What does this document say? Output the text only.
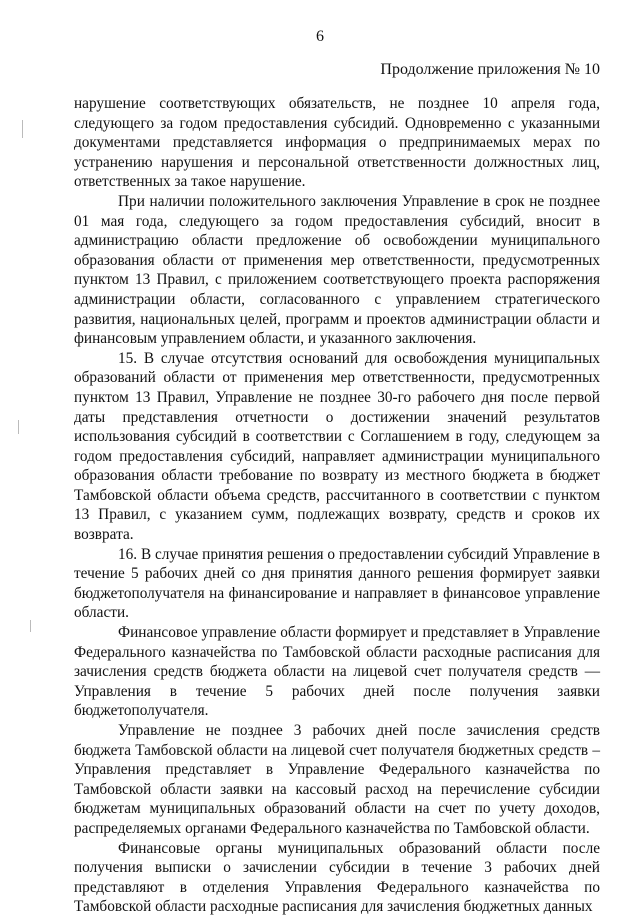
6
Продолжение приложения № 10

нарушение соответствующих обязательств, не позднее 10 апреля года, следующего за годом предоставления субсидий. Одновременно с указанными документами представляется информация о предпринимаемых мерах по устранению нарушения и персональной ответственности должностных лиц, ответственных за такое нарушение.

При наличии положительного заключения Управление в срок не позднее 01 мая года, следующего за годом предоставления субсидий, вносит в администрацию области предложение об освобождении муниципального образования области от применения мер ответственности, предусмотренных пунктом 13 Правил, с приложением соответствующего проекта распоряжения администрации области, согласованного с управлением стратегического развития, национальных целей, программ и проектов администрации области и финансовым управлением области, и указанного заключения.

15. В случае отсутствия оснований для освобождения муниципальных образований области от применения мер ответственности, предусмотренных пунктом 13 Правил, Управление не позднее 30-го рабочего дня после первой даты представления отчетности о достижении значений результатов использования субсидий в соответствии с Соглашением в году, следующем за годом предоставления субсидий, направляет администрации муниципального образования области требование по возврату из местного бюджета в бюджет Тамбовской области объема средств, рассчитанного в соответствии с пунктом 13 Правил, с указанием сумм, подлежащих возврату, средств и сроков их возврата.

16. В случае принятия решения о предоставлении субсидий Управление в течение 5 рабочих дней со дня принятия данного решения формирует заявки бюджетополучателя на финансирование и направляет в финансовое управление области.

Финансовое управление области формирует и представляет в Управление Федерального казначейства по Тамбовской области расходные расписания для зачисления средств бюджета области на лицевой счет получателя средств — Управления в течение 5 рабочих дней после получения заявки бюджетополучателя.

Управление не позднее 3 рабочих дней после зачисления средств бюджета Тамбовской области на лицевой счет получателя бюджетных средств – Управления представляет в Управление Федерального казначейства по Тамбовской области заявки на кассовый расход на перечисление субсидии бюджетам муниципальных образований области на счет по учету доходов, распределяемых органами Федерального казначейства по Тамбовской области.

Финансовые органы муниципальных образований области после получения выписки о зачислении субсидии в течение 3 рабочих дней представляют в отделения Управления Федерального казначейства по Тамбовской области расходные расписания для зачисления бюджетных данных
